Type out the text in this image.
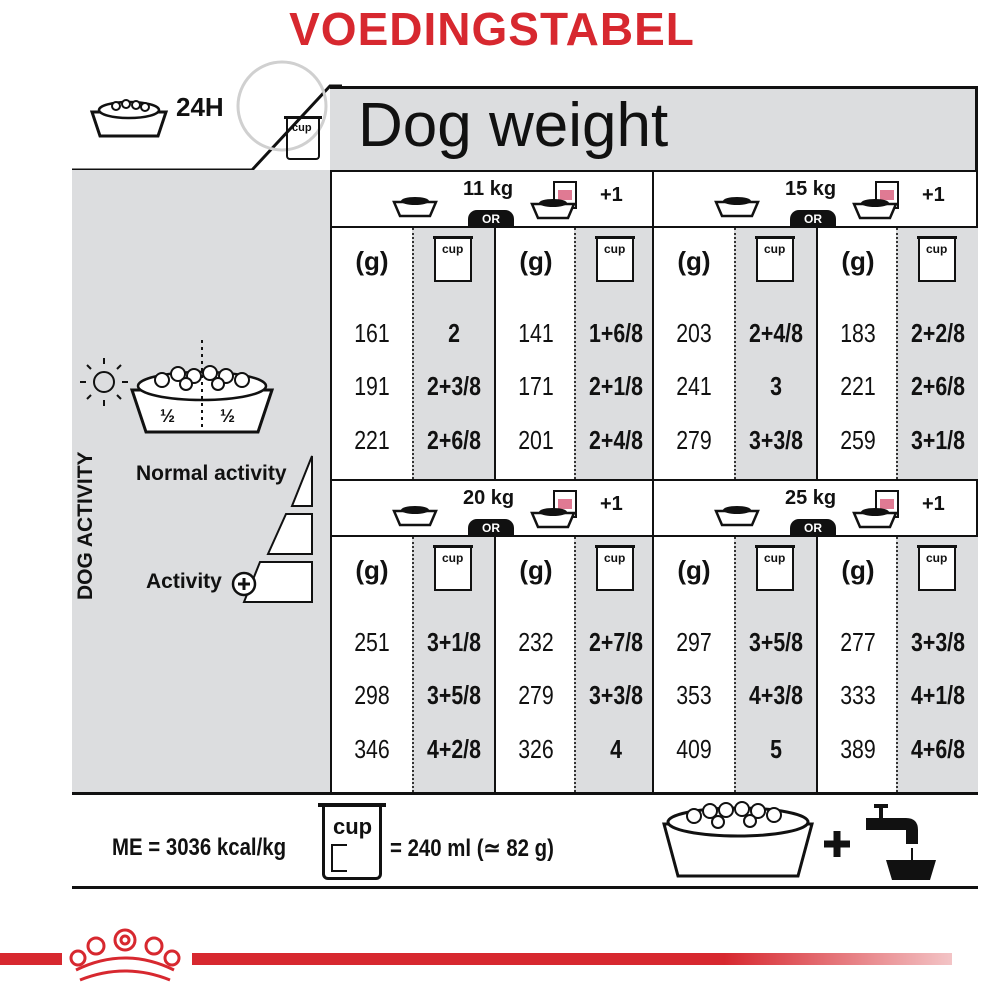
VOEDINGSTABEL
24H
cup Dog weight
DOG ACTIVITY
½ ½
Normal activity
Activity
11 kg
OR
+1
(g)
161
191
221
cup
2
2+3/8
2+6/8
(g)
141
171
201
cup
1+6/8
2+1/8
2+4/8
15 kg
OR
+1
(g)
203
241
279
cup
2+4/8
3
3+3/8
(g)
183
221
259
cup
2+2/8
2+6/8
3+1/8
20 kg
OR
+1
(g)
251
298
346
cup
3+1/8
3+5/8
4+2/8
(g)
232
279
326
cup
2+7/8
3+3/8
4
25 kg
OR
+1
(g)
297
353
409
cup
3+5/8
4+3/8
5
(g)
277
333
389
cup
3+3/8
4+1/8
4+6/8
ME = 3036 kcal/kg
cup
= 240 ml (≃ 82 g)
